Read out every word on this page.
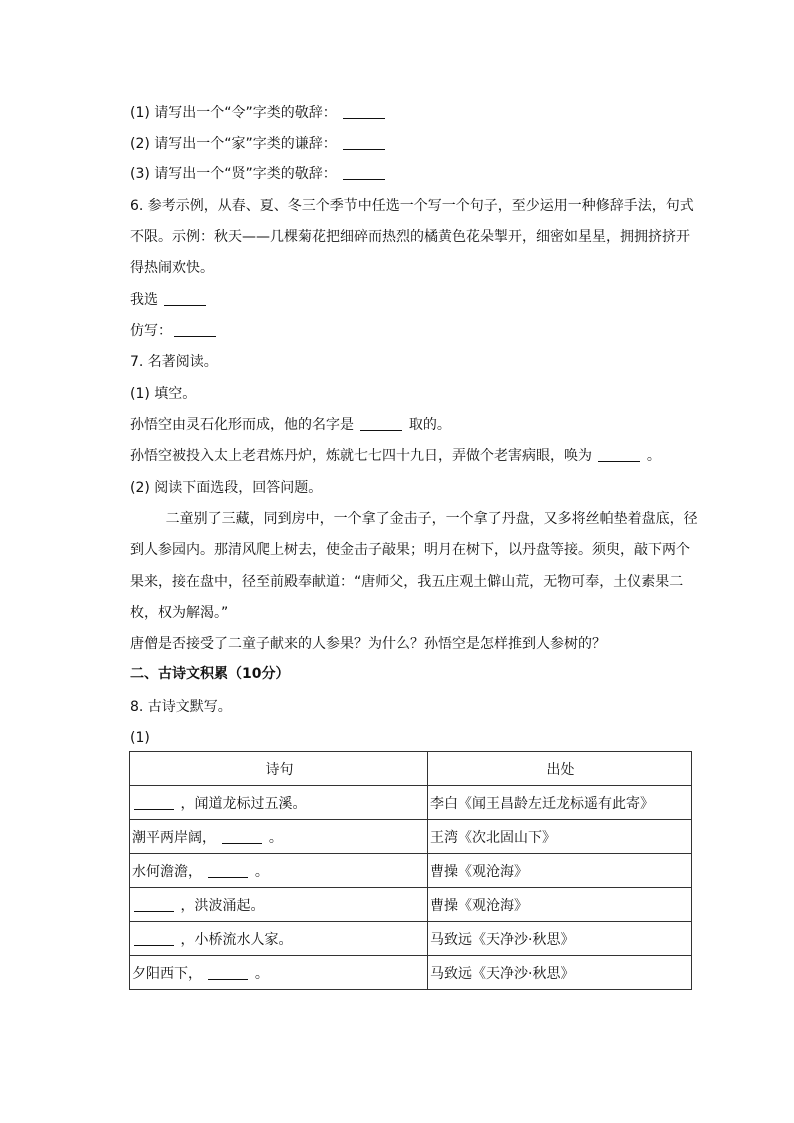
(1) 请写出一个“令”字类的敬辞：
(2) 请写出一个“家”字类的谦辞：
(3) 请写出一个“贤”字类的敬辞：
6. 参考示例，从春、夏、冬三个季节中任选一个写一个句子，至少运用一种修辞手法，句式
不限。示例：秋天——几棵菊花把细碎而热烈的橘黄色花朵掣开，细密如星星，拥拥挤挤开
得热闹欢快。
我选
仿写：
7. 名著阅读。
(1) 填空。
孙悟空由灵石化形而成，他的名字是	取的。
孙悟空被投入太上老君炼丹炉，炼就七七四十九日，弄做个老害病眼，唤为	。
(2) 阅读下面选段，回答问题。
二童别了三藏，同到房中，一个拿了金击子，一个拿了丹盘，又多将丝帕垫着盘底，径
到人参园内。那清风爬上树去，使金击子敲果；明月在树下，以丹盘等接。须臾，敲下两个
果来，接在盘中，径至前殿奉献道：“唐师父，我五庄观土僻山荒，无物可奉，土仪素果二
枚，权为解渴。”
唐僧是否接受了二童子献来的人参果？为什么？孙悟空是怎样推到人参树的？
二、古诗文积累（10分）
8. 古诗文默写。
(1)
诗句	出处
，闻道龙标过五溪。	李白《闻王昌龄左迁龙标遥有此寄》
潮平两岸阔， 。	王湾《次北固山下》
水何澹澹， 。	曹操《观沧海》
，洪波涌起。	曹操《观沧海》
，小桥流水人家。	马致远《天净沙·秋思》
夕阳西下， 。	马致远《天净沙·秋思》
